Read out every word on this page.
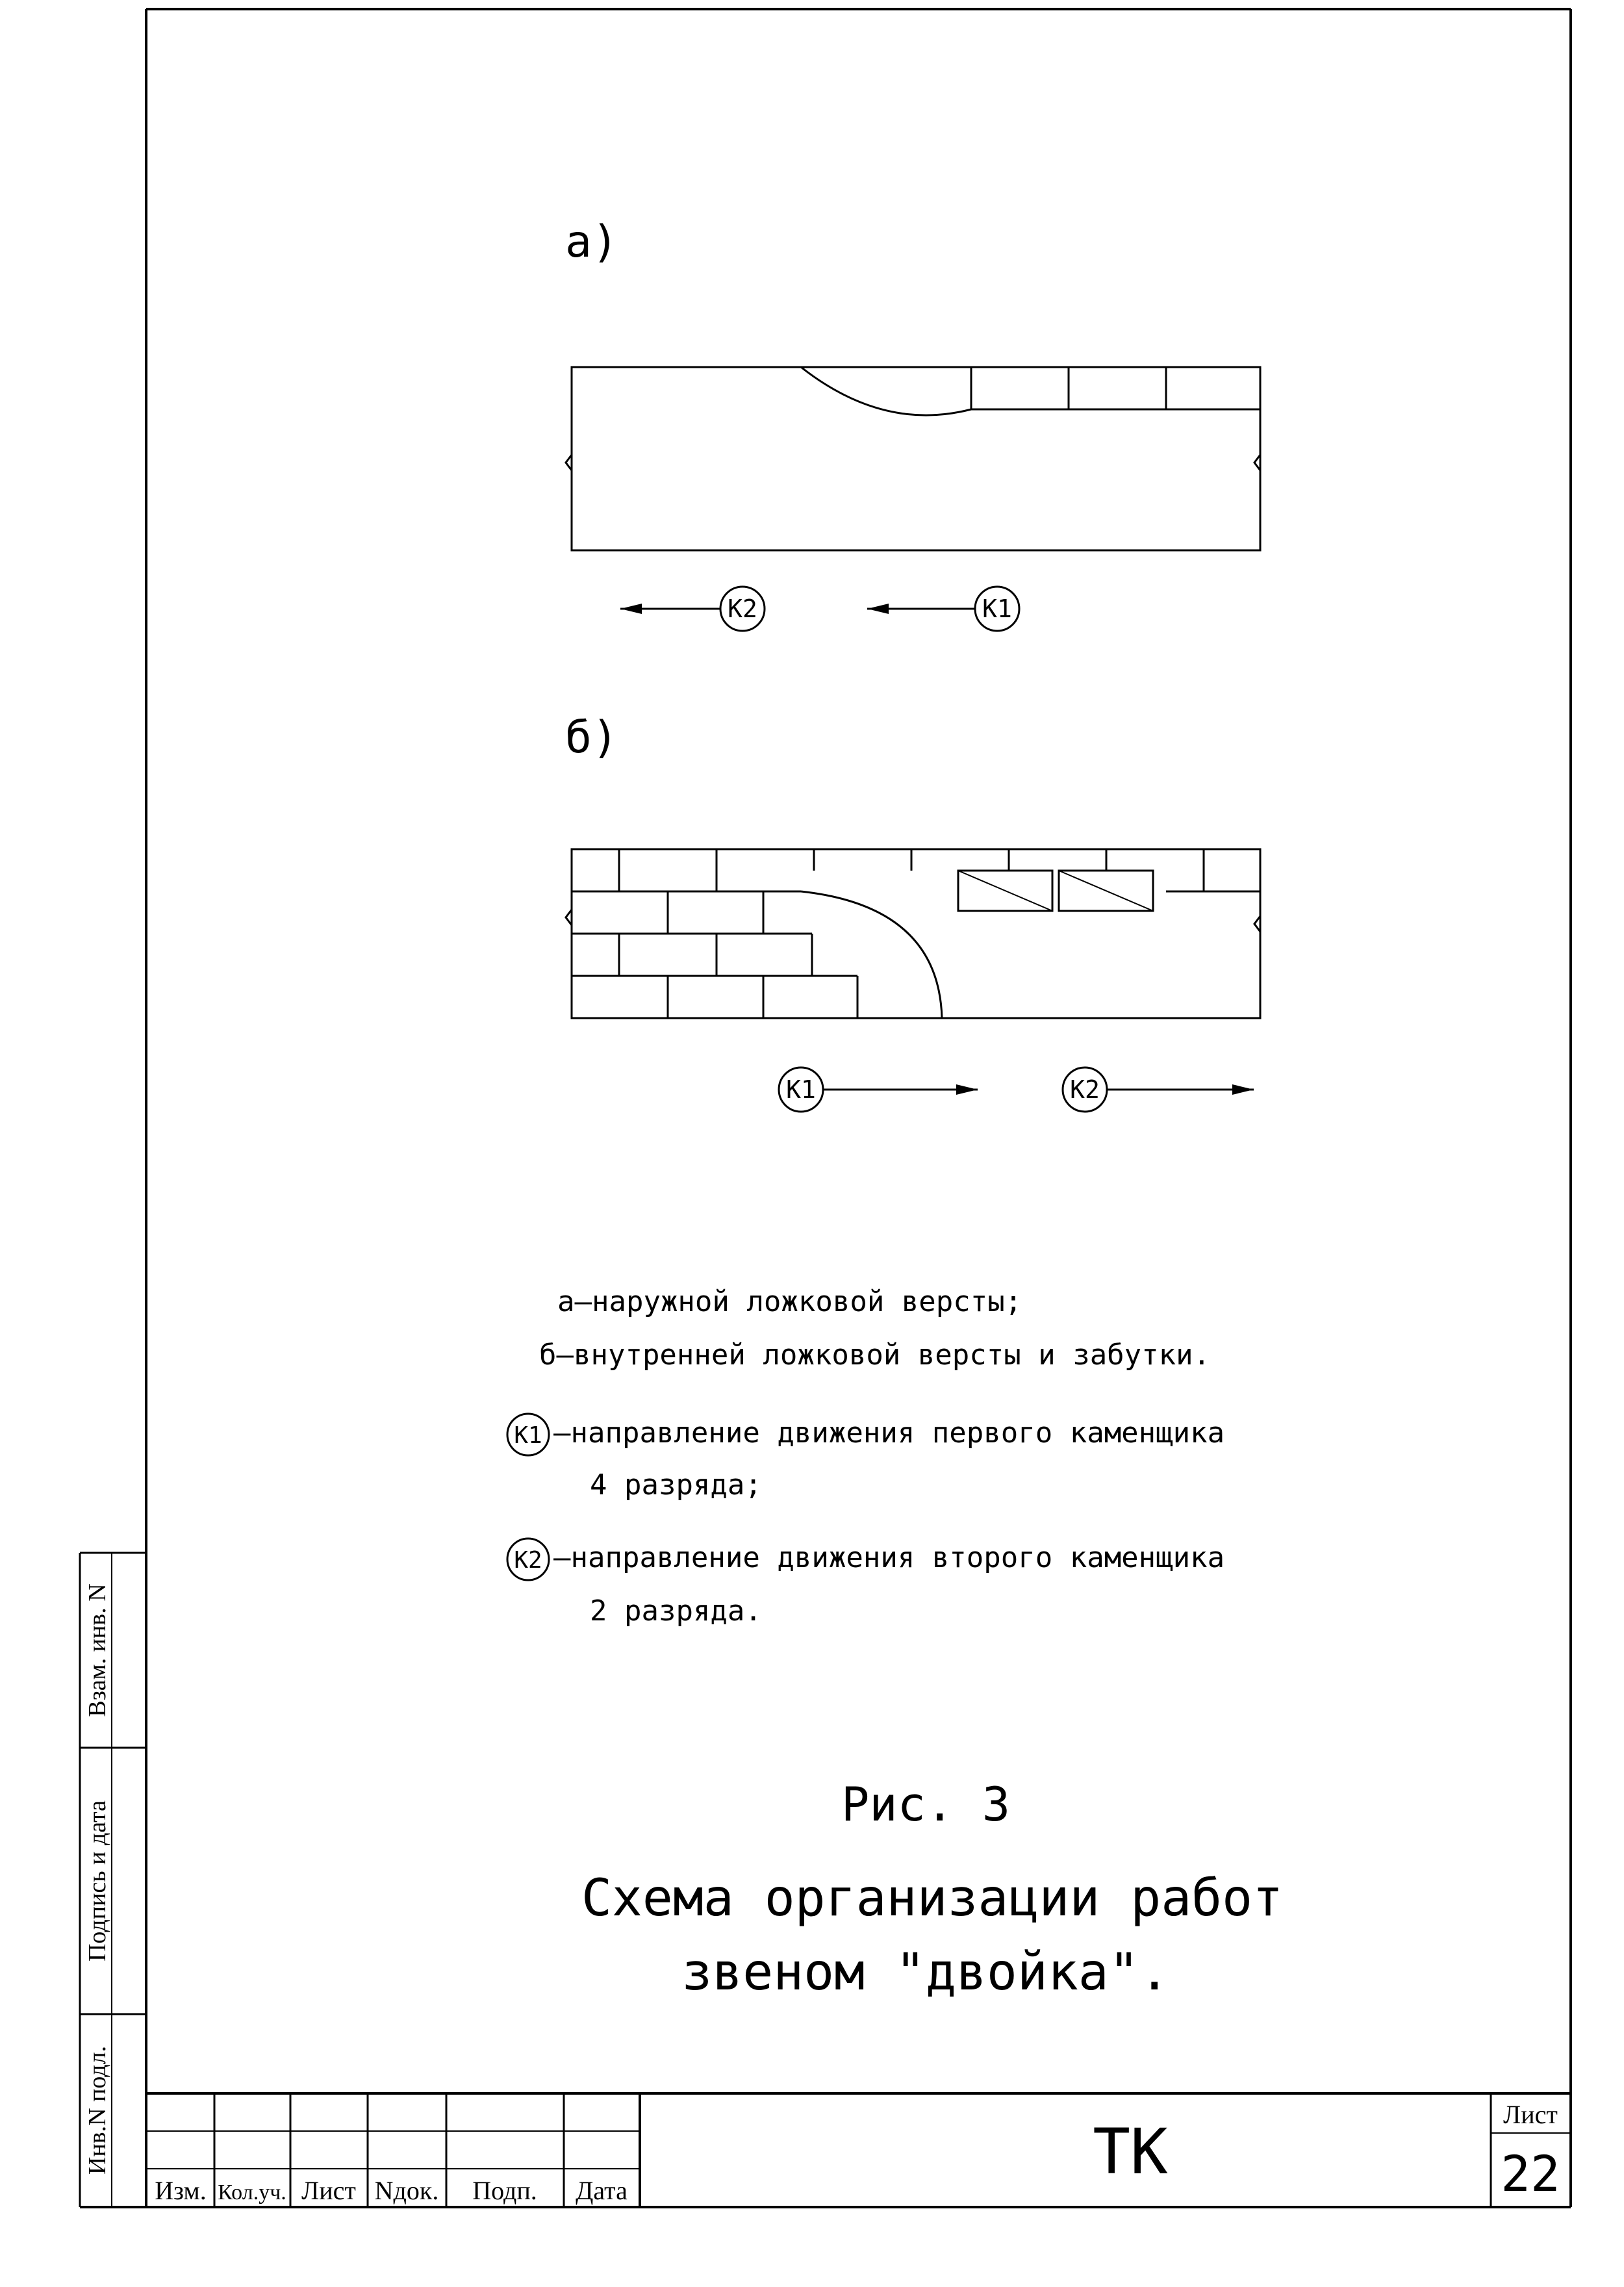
Взам. инв. N
Подпись и дата
Инв.N подл.
а)
К2	К1
б)
К1	К2
а–наружной ложковой версты;
б–внутренней ложковой версты и забутки.
К1 –направление движения первого каменщика
4 разряда;
К2 –направление движения второго каменщика
2 разряда.
Рис. 3
Схема организации работ
звеном "двойка".
Изм. Кол.уч. Лист Nдок. Подп. Дата
ТК
Лист
22
